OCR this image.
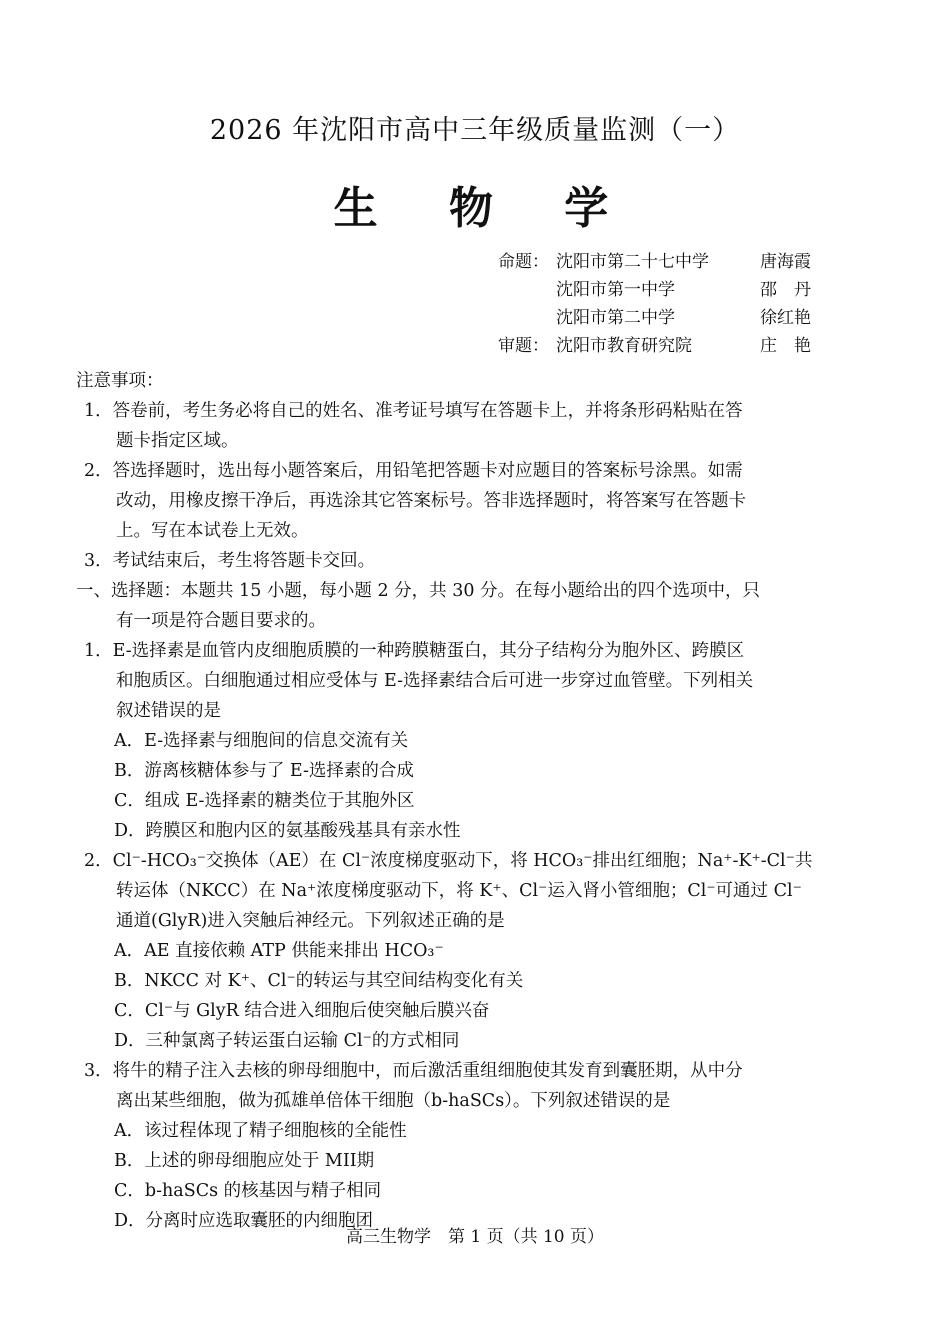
2026 年沈阳市高中三年级质量监测（一）
生 物 学
命题： 沈阳市第二十七中学	唐海霞
沈阳市第一中学	邵　丹
沈阳市第二中学	徐红艳
审题： 沈阳市教育研究院	庄　艳
注意事项：
1．答卷前，考生务必将自己的姓名、准考证号填写在答题卡上，并将条形码粘贴在答
题卡指定区域。
2．答选择题时，选出每小题答案后，用铅笔把答题卡对应题目的答案标号涂黑。如需
改动，用橡皮擦干净后，再选涂其它答案标号。答非选择题时，将答案写在答题卡
上。写在本试卷上无效。
3．考试结束后，考生将答题卡交回。
一、选择题：本题共 15 小题，每小题 2 分，共 30 分。在每小题给出的四个选项中，只
有一项是符合题目要求的。
1．E-选择素是血管内皮细胞质膜的一种跨膜糖蛋白，其分子结构分为胞外区、跨膜区
和胞质区。白细胞通过相应受体与 E-选择素结合后可进一步穿过血管壁。下列相关
叙述错误的是
A．E-选择素与细胞间的信息交流有关
B．游离核糖体参与了 E-选择素的合成
C．组成 E-选择素的糖类位于其胞外区
D．跨膜区和胞内区的氨基酸残基具有亲水性
2．Cl⁻-HCO₃⁻交换体（AE）在 Cl⁻浓度梯度驱动下，将 HCO₃⁻排出红细胞；Na⁺-K⁺-Cl⁻共
转运体（NKCC）在 Na⁺浓度梯度驱动下，将 K⁺、Cl⁻运入肾小管细胞；Cl⁻可通过 Cl⁻
通道(GlyR)进入突触后神经元。下列叙述正确的是
A．AE 直接依赖 ATP 供能来排出 HCO₃⁻
B．NKCC 对 K⁺、Cl⁻的转运与其空间结构变化有关
C．Cl⁻与 GlyR 结合进入细胞后使突触后膜兴奋
D．三种氯离子转运蛋白运输 Cl⁻的方式相同
3．将牛的精子注入去核的卵母细胞中，而后激活重组细胞使其发育到囊胚期，从中分
离出某些细胞，做为孤雄单倍体干细胞（b-haSCs）。下列叙述错误的是
A．该过程体现了精子细胞核的全能性
B．上述的卵母细胞应处于 MII期
C．b-haSCs 的核基因与精子相同
D．分离时应选取囊胚的内细胞团
高三生物学　第 1 页（共 10 页）
